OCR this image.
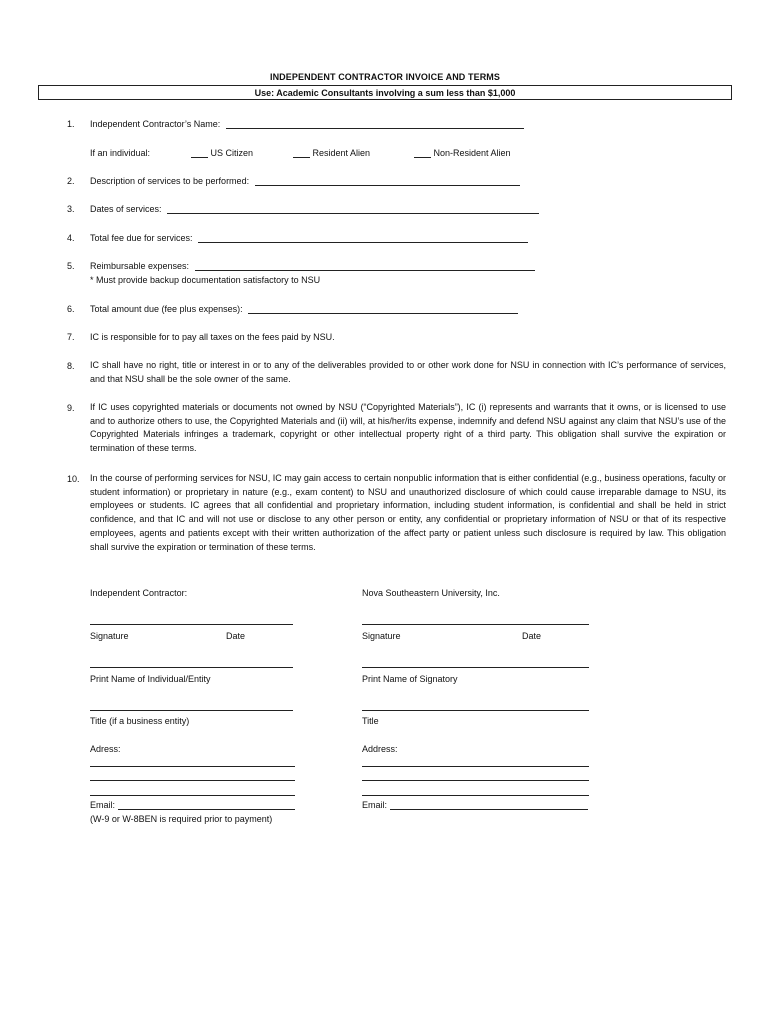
INDEPENDENT CONTRACTOR INVOICE AND TERMS
Use: Academic Consultants involving a sum less than $1,000
1. Independent Contractor’s Name:
If an individual:	US Citizen	Resident Alien	Non-Resident Alien
2. Description of services to be performed:
3. Dates of services:
4. Total fee due for services:
5. Reimbursable expenses:
* Must provide backup documentation satisfactory to NSU
6. Total amount due (fee plus expenses):
7. IC is responsible for to pay all taxes on the fees paid by NSU.
8. IC shall have no right, title or interest in or to any of the deliverables provided to or other work done for NSU in connection with IC’s performance of services, and that NSU shall be the sole owner of the same.
9. If IC uses copyrighted materials or documents not owned by NSU (“Copyrighted Materials”), IC (i) represents and warrants that it owns, or is licensed to use and to authorize others to use, the Copyrighted Materials and (ii) will, at his/her/its expense, indemnify and defend NSU against any claim that NSU’s use of the Copyrighted Materials infringes a trademark, copyright or other intellectual property right of a third party. This obligation shall survive the expiration or termination of these terms.
10. In the course of performing services for NSU, IC may gain access to certain nonpublic information that is either confidential (e.g., business operations, faculty or student information) or proprietary in nature (e.g., exam content) to NSU and unauthorized disclosure of which could cause irreparable damage to NSU, its employees or students. IC agrees that all confidential and proprietary information, including student information, is confidential and shall be held in strict confidence, and that IC and will not use or disclose to any other person or entity, any confidential or proprietary information of NSU or that of its respective employees, agents and patients except with their written authorization of the affect party or patient unless such disclosure is required by law. This obligation shall survive the expiration or termination of these terms.
Independent Contractor:
Signature	Date
Print Name of Individual/Entity
Title (if a business entity)
Adress:
Email:
(W-9 or W-8BEN is required prior to payment)
Nova Southeastern University, Inc.
Signature	Date
Print Name of Signatory
Title
Address:
Email:
